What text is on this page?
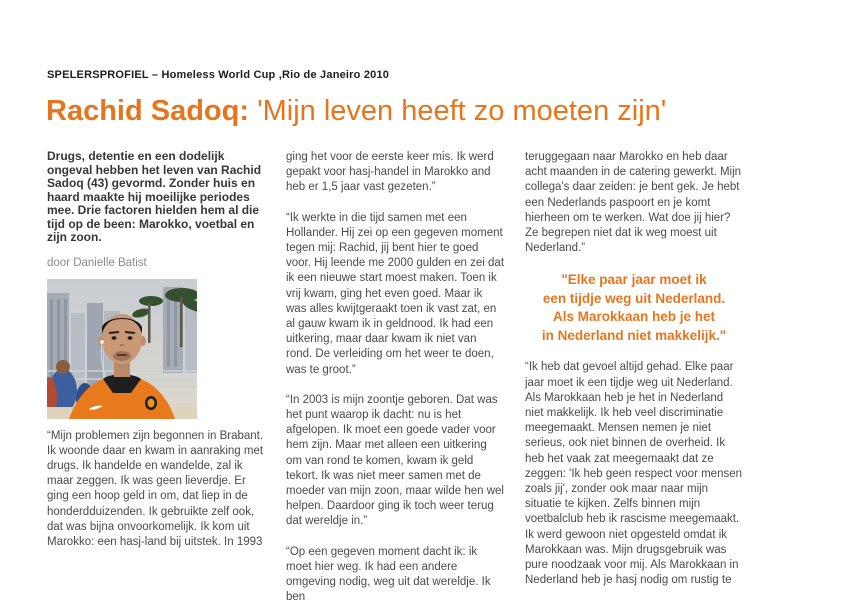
SPELERSPROFIEL – Homeless World Cup ,Rio de Janeiro 2010
Rachid Sadoq: 'Mijn leven heeft zo moeten zijn'

Drugs, detentie en een dodelijk ongeval hebben het leven van Rachid Sadoq (43) gevormd. Zonder huis en haard maakte hij moeilijke periodes mee. Drie factoren hielden hem al die tijd op de been: Marokko, voetbal en zijn zoon.

door Danielle Batist

“Mijn problemen zijn begonnen in Brabant. Ik woonde daar en kwam in aanraking met drugs. Ik handelde en wandelde, zal ik maar zeggen. Ik was geen lieverdje. Er ging een hoop geld in om, dat liep in de honderdduizenden. Ik gebruikte zelf ook, dat was bijna onvoorkomelijk. Ik kom uit Marokko: een hasj-land bij uitstek. In 1993

ging het voor de eerste keer mis. Ik werd gepakt voor hasj-handel in Marokko and heb er 1,5 jaar vast gezeten.”

“Ik werkte in die tijd samen met een Hollander. Hij zei op een gegeven moment tegen mij: Rachid, jij bent hier te goed voor. Hij leende me 2000 gulden en zei dat ik een nieuwe start moest maken. Toen ik vrij kwam, ging het even goed. Maar ik was alles kwijtgeraakt toen ik vast zat, en al gauw kwam ik in geldnood. Ik had een uitkering, maar daar kwam ik niet van rond. De verleiding om het weer te doen, was te groot.”

“In 2003 is mijn zoontje geboren. Dat was het punt waarop ik dacht: nu is het afgelopen. Ik moet een goede vader voor hem zijn. Maar met alleen een uitkering om van rond te komen, kwam ik geld tekort. Ik was niet meer samen met de moeder van mijn zoon, maar wilde hen wel helpen. Daardoor ging ik toch weer terug dat wereldje in.”

“Op een gegeven moment dacht ik: ik moet hier weg. Ik had een andere omgeving nodig, weg uit dat wereldje. Ik ben

teruggegaan naar Marokko en heb daar acht maanden in de catering gewerkt. Mijn collega's daar zeiden: je bent gek. Je hebt een Nederlands paspoort en je komt hierheen om te werken. Wat doe jij hier? Ze begrepen niet dat ik weg moest uit Nederland.”

"Elke paar jaar moet ik
een tijdje weg uit Nederland.
Als Marokkaan heb je het
in Nederland niet makkelijk."

“Ik heb dat gevoel altijd gehad. Elke paar jaar moet ik een tijdje weg uit Nederland. Als Marokkaan heb je het in Nederland niet makkelijk. Ik heb veel discriminatie meegemaakt. Mensen nemen je niet serieus, ook niet binnen de overheid. Ik heb het vaak zat meegemaakt dat ze zeggen: 'Ik heb geen respect voor mensen zoals jij', zonder ook maar naar mijn situatie te kijken. Zelfs binnen mijn voetbalclub heb ik rascisme meegemaakt. Ik werd gewoon niet opgesteld omdat ik Marokkaan was. Mijn drugsgebruik was pure noodzaak voor mij. Als Marokkaan in Nederland heb je hasj nodig om rustig te
